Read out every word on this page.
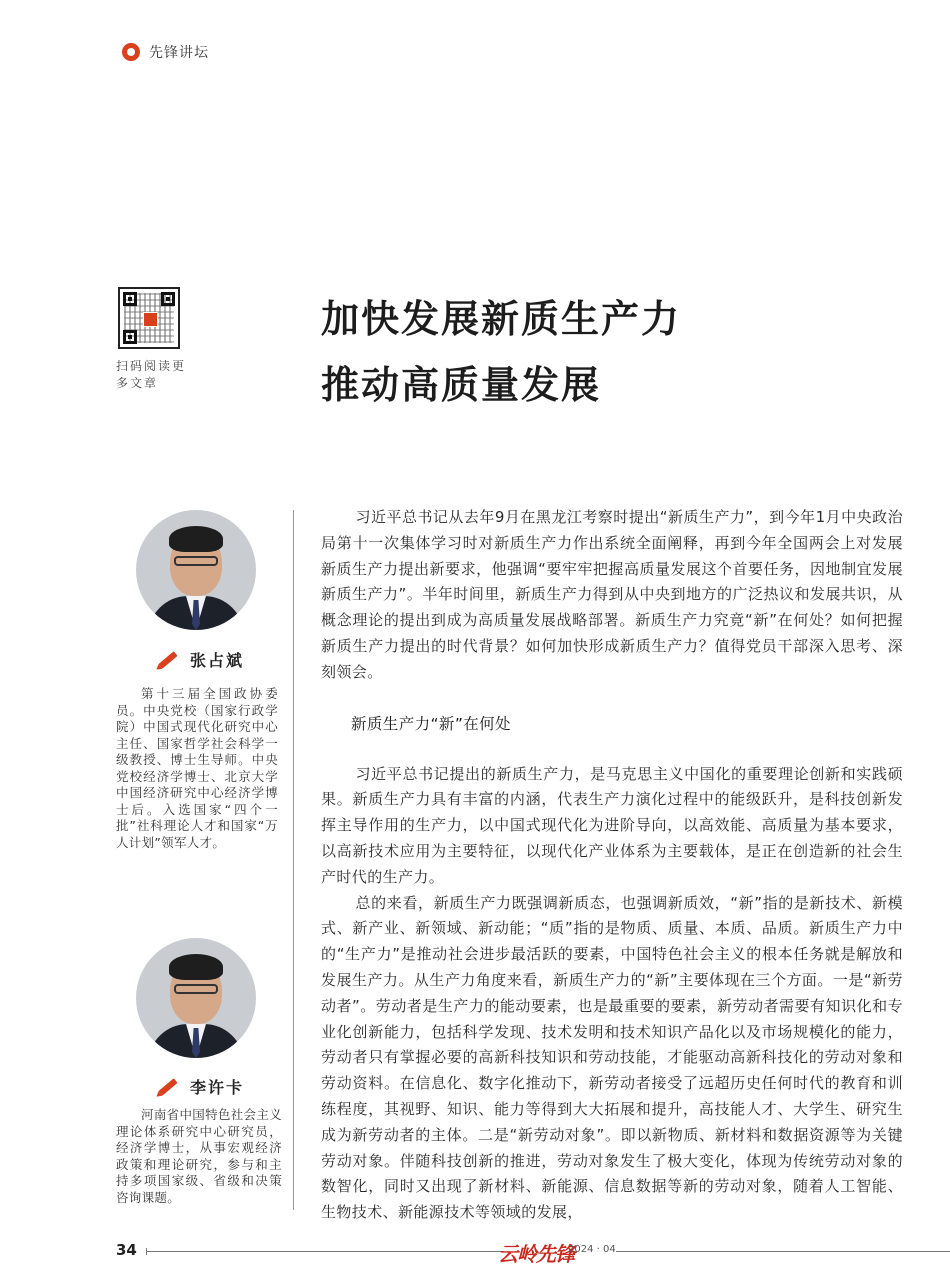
先锋讲坛
扫码阅读更多文章
加快发展新质生产力
推动高质量发展
张占斌
第十三届全国政协委员。中央党校（国家行政学院）中国式现代化研究中心主任、国家哲学社会科学一级教授、博士生导师。中央党校经济学博士、北京大学中国经济研究中心经济学博士后。入选国家“四个一批”社科理论人才和国家“万人计划”领军人才。
李许卡
河南省中国特色社会主义理论体系研究中心研究员，经济学博士，从事宏观经济政策和理论研究，参与和主持多项国家级、省级和决策咨询课题。

习近平总书记从去年9月在黑龙江考察时提出“新质生产力”，到今年1月中央政治局第十一次集体学习时对新质生产力作出系统全面阐释，再到今年全国两会上对发展新质生产力提出新要求，他强调“要牢牢把握高质量发展这个首要任务，因地制宜发展新质生产力”。半年时间里，新质生产力得到从中央到地方的广泛热议和发展共识，从概念理论的提出到成为高质量发展战略部署。新质生产力究竟“新”在何处？如何把握新质生产力提出的时代背景？如何加快形成新质生产力？值得党员干部深入思考、深刻领会。

新质生产力“新”在何处

习近平总书记提出的新质生产力，是马克思主义中国化的重要理论创新和实践硕果。新质生产力具有丰富的内涵，代表生产力演化过程中的能级跃升，是科技创新发挥主导作用的生产力，以中国式现代化为进阶导向，以高效能、高质量为基本要求，以高新技术应用为主要特征，以现代化产业体系为主要载体，是正在创造新的社会生产时代的生产力。

总的来看，新质生产力既强调新质态，也强调新质效，“新”指的是新技术、新模式、新产业、新领域、新动能；“质”指的是物质、质量、本质、品质。新质生产力中的“生产力”是推动社会进步最活跃的要素，中国特色社会主义的根本任务就是解放和发展生产力。从生产力角度来看，新质生产力的“新”主要体现在三个方面。一是“新劳动者”。劳动者是生产力的能动要素，也是最重要的要素，新劳动者需要有知识化和专业化创新能力，包括科学发现、技术发明和技术知识产品化以及市场规模化的能力，劳动者只有掌握必要的高新科技知识和劳动技能，才能驱动高新科技化的劳动对象和劳动资料。在信息化、数字化推动下，新劳动者接受了远超历史任何时代的教育和训练程度，其视野、知识、能力等得到大大拓展和提升，高技能人才、大学生、研究生成为新劳动者的主体。二是“新劳动对象”。即以新物质、新材料和数据资源等为关键劳动对象。伴随科技创新的推进，劳动对象发生了极大变化，体现为传统劳动对象的数智化，同时又出现了新材料、新能源、信息数据等新的劳动对象，随着人工智能、生物技术、新能源技术等领域的发展，

34	云岭先锋
2024 · 04
